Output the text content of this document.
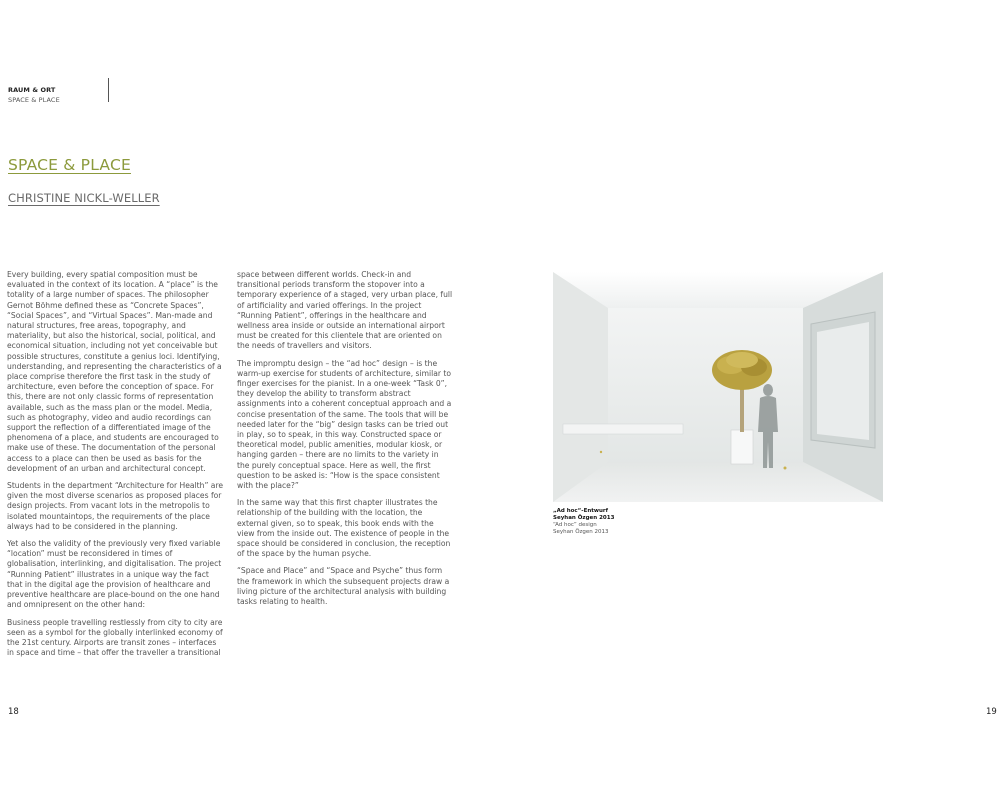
RAUM & ORT
SPACE & PLACE
SPACE & PLACE
CHRISTINE NICKL-WELLER

Every building, every spatial composition must be evaluated in the context of its location. A “place” is the totality of a large number of spaces. The philosopher Gernot Böhme defined these as “Concrete Spaces”, “Social Spaces”, and “Virtual Spaces”. Man-made and natural structures, free areas, topography, and materiality, but also the historical, social, political, and economical situation, including not yet conceivable but possible structures, constitute a genius loci. Identifying, understanding, and representing the characteristics of a place comprise therefore the first task in the study of architecture, even before the conception of space. For this, there are not only classic forms of representation available, such as the mass plan or the model. Media, such as photography, video and audio recordings can support the reflection of a differentiated image of the phenomena of a place, and students are encouraged to make use of these. The documentation of the personal access to a place can then be used as basis for the development of an urban and architectural concept.

Students in the department “Architecture for Health” are given the most diverse scenarios as proposed places for design projects. From vacant lots in the metropolis to isolated mountaintops, the requirements of the place always had to be considered in the planning.

Yet also the validity of the previously very fixed variable “location” must be reconsidered in times of globalisation, interlinking, and digitalisation. The project “Running Patient” illustrates in a unique way the fact that in the digital age the provision of healthcare and preventive healthcare are place-bound on the one hand and omnipresent on the other hand:

Business people travelling restlessly from city to city are seen as a symbol for the globally interlinked economy of the 21st century. Airports are transit zones – interfaces in space and time – that offer the traveller a transitional

space between different worlds. Check-in and transitional periods transform the stopover into a temporary experience of a staged, very urban place, full of artificiality and varied offerings. In the project “Running Patient”, offerings in the healthcare and wellness area inside or outside an international airport must be created for this clientele that are oriented on the needs of travellers and visitors.

The impromptu design – the “ad hoc” design – is the warm-up exercise for students of architecture, similar to finger exercises for the pianist. In a one-week “Task 0”, they develop the ability to transform abstract assignments into a coherent conceptual approach and a concise presentation of the same. The tools that will be needed later for the “big” design tasks can be tried out in play, so to speak, in this way. Constructed space or theoretical model, public amenities, modular kiosk, or hanging garden – there are no limits to the variety in the purely conceptual space. Here as well, the first question to be asked is: “How is the space consistent with the place?”

In the same way that this first chapter illustrates the relationship of the building with the location, the external given, so to speak, this book ends with the view from the inside out. The existence of people in the space should be considered in conclusion, the reception of the space by the human psyche.

“Space and Place” and “Space and Psyche” thus form the framework in which the subsequent projects draw a living picture of the architectural analysis with building tasks relating to health.

„Ad hoc“-Entwurf
Seyhan Özgen 2013
“Ad hoc” design
Seyhan Özgen 2013
18	19
